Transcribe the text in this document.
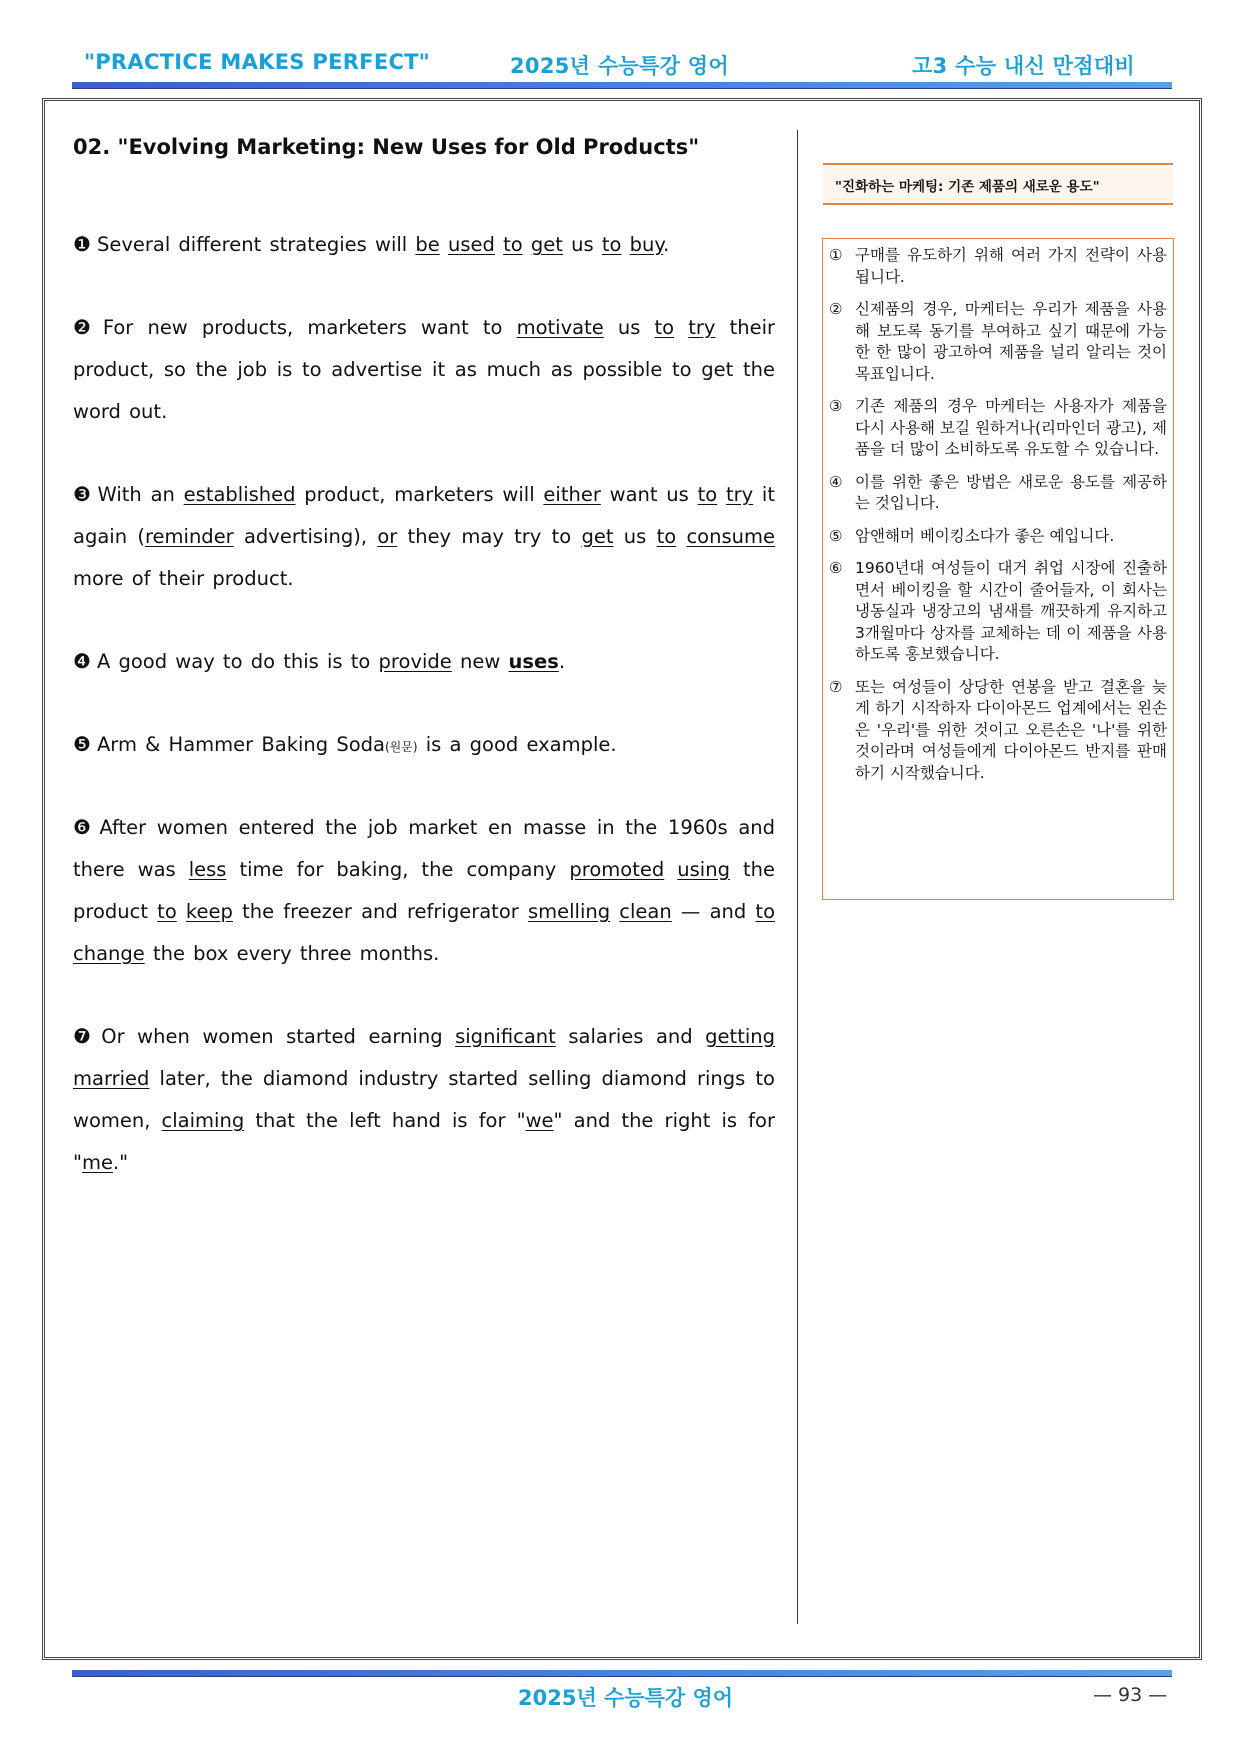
"PRACTICE MAKES PERFECT"	2025년 수능특강 영어	고3 수능 내신 만점대비
02. "Evolving Marketing: New Uses for Old Products"

❶ Several different strategies will be used to get us to buy.

❷ For new products, marketers want to motivate us to try their product, so the job is to advertise it as much as possible to get the word out.

❸ With an established product, marketers will either want us to try it again (reminder advertising), or they may try to get us to consume more of their product.

❹ A good way to do this is to provide new uses.

❺ Arm & Hammer Baking Soda(원문) is a good example.

❻ After women entered the job market en masse in the 1960s and there was less time for baking, the company promoted using the product to keep the freezer and refrigerator smelling clean — and to change the box every three months.

❼ Or when women started earning significant salaries and getting married later, the diamond industry started selling diamond rings to women, claiming that the left hand is for "we" and the right is for "me."

"진화하는 마케팅: 기존 제품의 새로운 용도"
① 구매를 유도하기 위해 여러 가지 전략이 사용됩니다.
② 신제품의 경우, 마케터는 우리가 제품을 사용해 보도록 동기를 부여하고 싶기 때문에 가능한 한 많이 광고하여 제품을 널리 알리는 것이 목표입니다.
③ 기존 제품의 경우 마케터는 사용자가 제품을 다시 사용해 보길 원하거나(리마인더 광고), 제품을 더 많이 소비하도록 유도할 수 있습니다.
④ 이를 위한 좋은 방법은 새로운 용도를 제공하는 것입니다.
⑤ 암앤해머 베이킹소다가 좋은 예입니다.
⑥ 1960년대 여성들이 대거 취업 시장에 진출하면서 베이킹을 할 시간이 줄어들자, 이 회사는 냉동실과 냉장고의 냄새를 깨끗하게 유지하고 3개월마다 상자를 교체하는 데 이 제품을 사용하도록 홍보했습니다.
⑦ 또는 여성들이 상당한 연봉을 받고 결혼을 늦게 하기 시작하자 다이아몬드 업계에서는 왼손은 '우리'를 위한 것이고 오른손은 '나'를 위한 것이라며 여성들에게 다이아몬드 반지를 판매하기 시작했습니다.
2025년 수능특강 영어	— 93 —
